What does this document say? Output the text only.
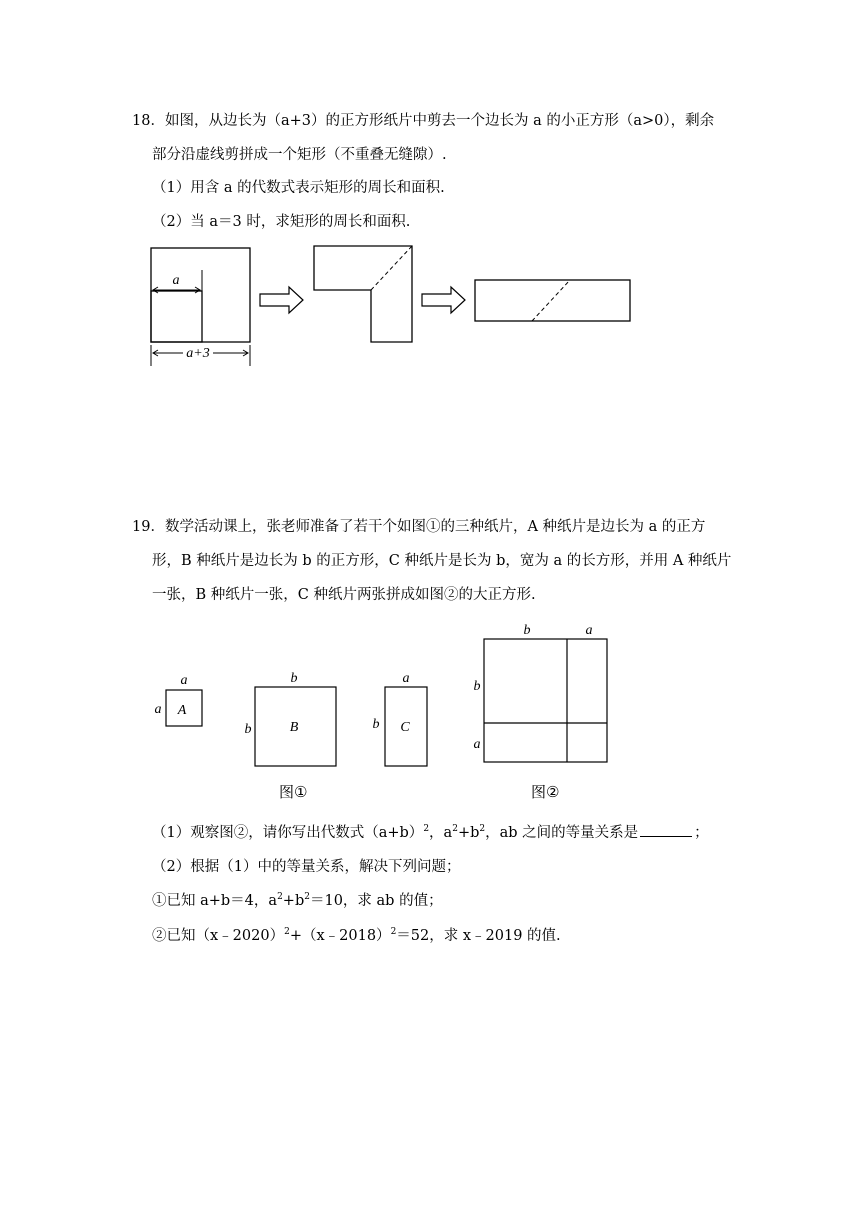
18．如图，从边长为（a+3）的正方形纸片中剪去一个边长为 a 的小正方形（a>0），剩余
部分沿虚线剪拼成一个矩形（不重叠无缝隙）.
（1）用含 a 的代数式表示矩形的周长和面积.
（2）当 a＝3 时，求矩形的周长和面积.
a
a+3
19．数学活动课上，张老师准备了若干个如图①的三种纸片，A 种纸片是边长为 a 的正方
形，B 种纸片是边长为 b 的正方形，C 种纸片是长为 b，宽为 a 的长方形，并用 A 种纸片
一张，B 种纸片一张，C 种纸片两张拼成如图②的大正方形.
a
a A
b
b	B
a
b C
b	a
b
a
图①	图②
（1）观察图②，请你写出代数式$(a+b)^2$，$a^2+b^2$，ab 之间的等量关系是	；
（2）根据（1）中的等量关系，解决下列问题；
①已知 a+b＝4，$a^2+b^2=10$，求 ab 的值；
②已知（x﹣2020）$^2$+（x﹣2018）$^2$＝52，求 x﹣2019 的值.
